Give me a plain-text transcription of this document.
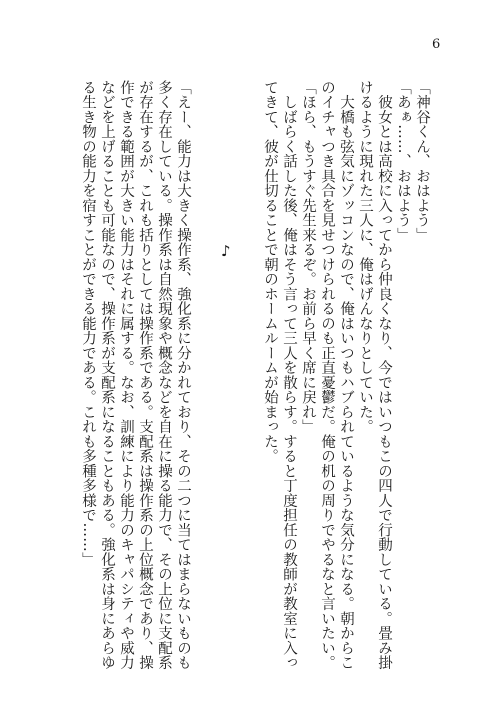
6
「神谷くん、おはよう」
「あぁ……、おはよう」
　彼女とは高校に入ってから仲良くなり、今ではいつもこの四人で行動している。畳み掛
けるように現れた三人に、俺はげんなりとしていた。
　大橋も弦気にゾッコンなので、俺はいつもハブられているような気分になる。朝からこ
のイチャつき具合を見せつけられるのも正直憂鬱だ。俺の机の周りでやるなと言いたい。
「ほら、もうすぐ先生来るぞ。お前ら早く席に戻れ」
　しばらく話した後、俺はそう言って三人を散らす。すると丁度担任の教師が教室に入っ
てきて、彼が仕切ることで朝のホームルームが始まった。
♪
「えー、能力は大きく操作系、強化系に分かれており、その二つに当てはまらないものも
多く存在している。操作系は自然現象や概念などを自在に操る能力で、その上位に支配系
が存在するが、これも括りとしては操作系である。支配系は操作系の上位概念であり、操
作できる範囲が大きい能力はそれに属する。なお、訓練により能力のキャパシティや威力
などを上げることも可能なので、操作系が支配系になることもある。強化系は身にあらゆ
る生き物の能力を宿すことができる能力である。これも多種多様で……」
